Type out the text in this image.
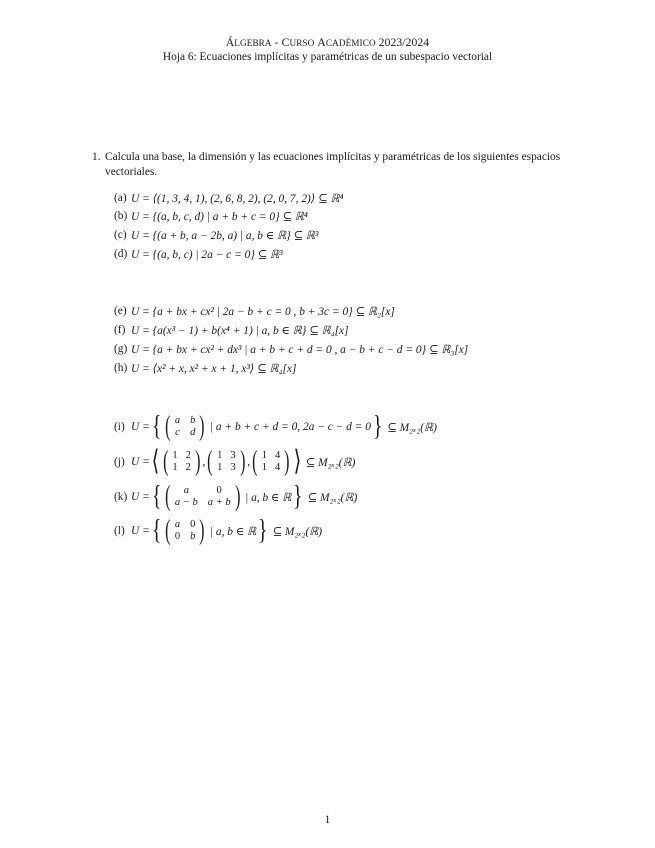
ÁLGEBRA - CURSO ACADÉMICO 2023/2024
Hoja 6: Ecuaciones implícitas y paramétricas de un subespacio vectorial
1. Calcula una base, la dimensión y las ecuaciones implícitas y paramétricas de los siguientes espacios vectoriales.
(a) U = ⟨(1, 3, 4, 1), (2, 6, 8, 2), (2, 0, 7, 2)⟩ ⊆ ℝ⁴
(b) U = {(a, b, c, d) | a + b + c = 0} ⊆ ℝ⁴
(c) U = {(a + b, a − 2b, a) | a, b ∈ ℝ} ⊆ ℝ³
(d) U = {(a, b, c) | 2a − c = 0} ⊆ ℝ³
(e) U = {a + bx + cx² | 2a − b + c = 0 , b + 3c = 0} ⊆ ℝ₂[x]
(f) U = {a(x³ − 1) + b(x⁴ + 1) | a, b ∈ ℝ} ⊆ ℝ₄[x]
(g) U = {a + bx + cx² + dx³ | a + b + c + d = 0 , a − b + c − d = 0} ⊆ ℝ₃[x]
(h) U = ⟨x² + x, x² + x + 1, x³⟩ ⊆ ℝ₄[x]
(i) U = { ( a b
c d )
| a + b + c + d = 0, 2a − c − d = 0 }
⊆ M₂ₓ₂(ℝ)
(j) U = ⟨ ( 1 2
1 2 ) , ( 1 3
1 3 ) , ( 1 4
1 4 ) ⟩
⊆ M₂ₓ₂(ℝ)
(k) U = { (	a	0
a − b a + b )
| a, b ∈ ℝ }
⊆ M₂ₓ₂(ℝ)
(l) U = { ( a 0
0 b )
| a, b ∈ ℝ }
⊆ M₂ₓ₂(ℝ)
1
